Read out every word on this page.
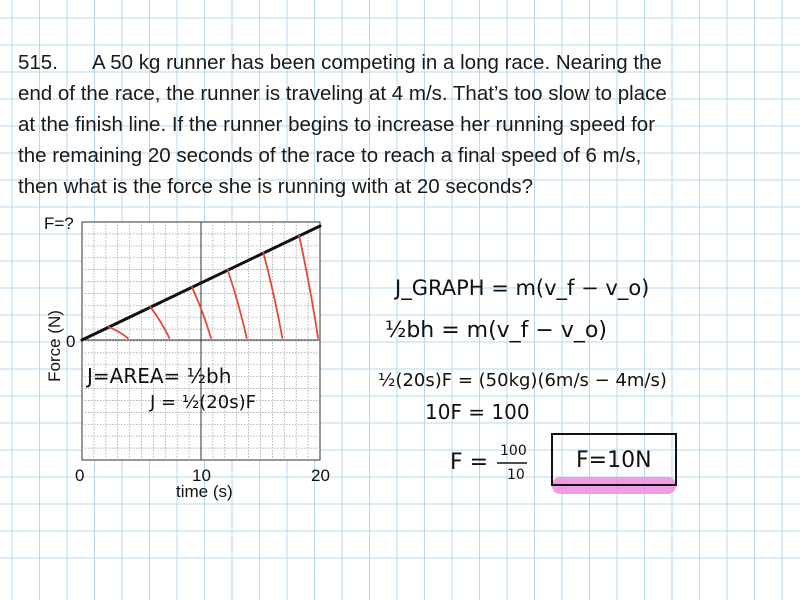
515. A 50 kg runner has been competing in a long race. Nearing the
end of the race, the runner is traveling at 4 m/s. That’s too slow to place
at the finish line. If the runner begins to increase her running speed for
the remaining 20 seconds of the race to reach a final speed of 6 m/s,
then what is the force she is running with at 20 seconds?
F=?
0
Force (N)
0	10	20
time (s)
J=AREA= ½bh
J = ½(20s)F
J_GRAPH = m(v_f − v_o)
½bh = m(v_f − v_o)
½(20s)F = (50kg)(6m/s − 4m/s)
10F = 100
F = 100
10
F=10N
